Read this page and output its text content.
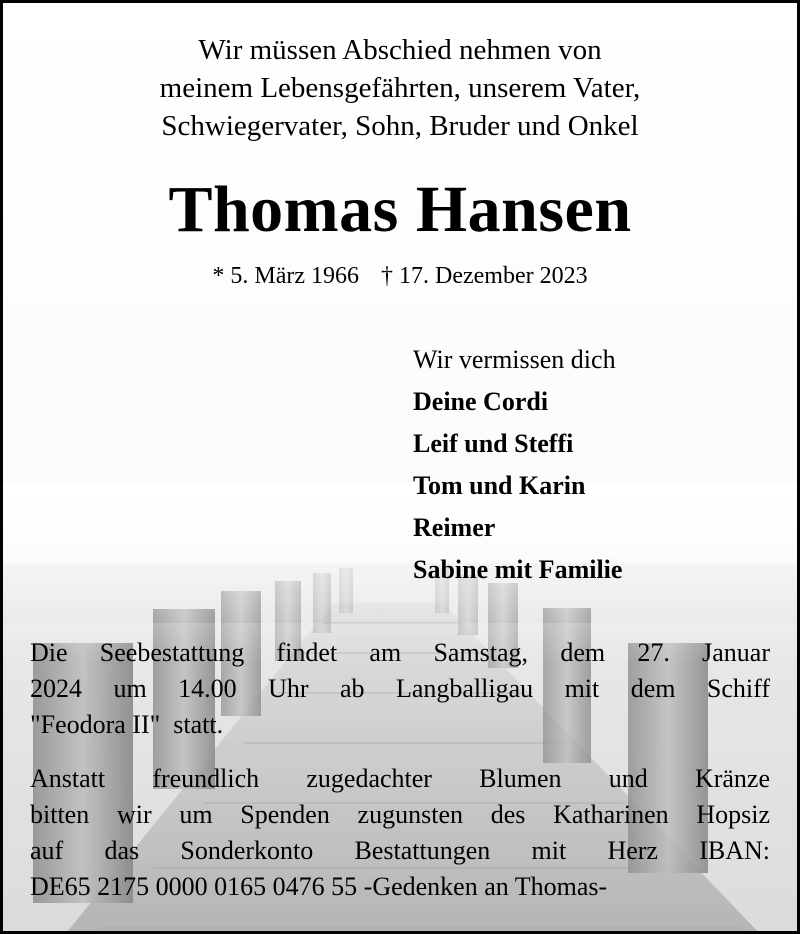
Wir müssen Abschied nehmen von
meinem Lebensgefährten, unserem Vater,
Schwiegervater, Sohn, Bruder und Onkel
Thomas Hansen
* 5. März 1966 † 17. Dezember 2023
Wir vermissen dich
Deine Cordi
Leif und Steffi
Tom und Karin
Reimer
Sabine mit Familie
Die Seebestattung findet am Samstag, dem 27. Januar
2024 um 14.00 Uhr ab Langballigau mit dem Schiff
"Feodora II"  statt.
Anstatt freundlich zugedachter Blumen und Kränze
bitten wir um Spenden zugunsten des Katharinen Hopsiz
auf das Sonderkonto Bestattungen mit Herz IBAN:
DE65 2175 0000 0165 0476 55 -Gedenken an Thomas-
